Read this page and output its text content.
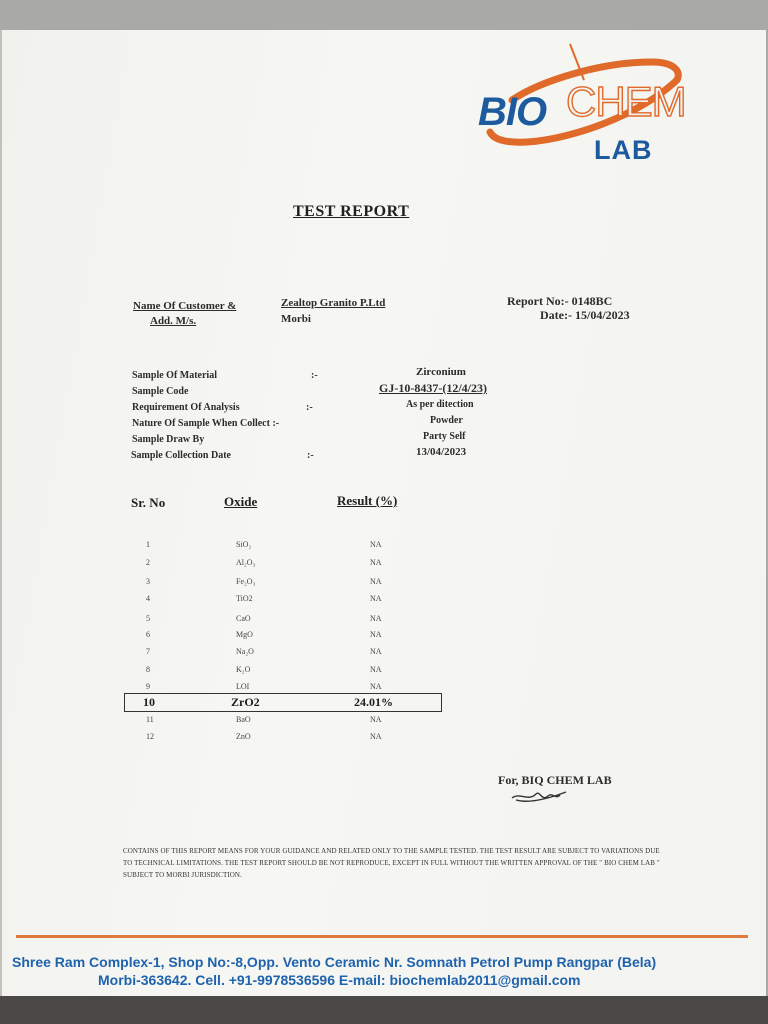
BIO CHEM
LAB
TEST REPORT
Name Of Customer &
Add. M/s.
Zealtop Granito P.Ltd
Morbi
Report No:- 0148BC
Date:- 15/04/2023
Sample Of Material	:-	Zirconium
Sample Code	GJ-10-8437-(12/4/23)
Requirement Of Analysis	:-	As per ditection
Nature Of Sample When Collect :-	Powder
Sample Draw By	Party Self
Sample Collection Date	:-	13/04/2023
Sr. No	Oxide	Result (%)
1	SiO₂	NA
2	Al₂O₃	NA
3	Fe₂O₃	NA
4	TiO2	NA
5	CaO	NA
6	MgO	NA
7	Na₂O	NA
8	K₂O	NA
9	LOI	NA
10	ZrO2	24.01%
11	BaO	NA
12	ZnO	NA
For, BIQ CHEM LAB
CONTAINS OF THIS REPORT MEANS FOR YOUR GUIDANCE AND RELATED ONLY TO THE SAMPLE TESTED. THE TEST RESULT ARE SUBJECT TO VARIATIONS DUE TO TECHNICAL LIMITATIONS. THE TEST REPORT SHOULD BE NOT REPRODUCE, EXCEPT IN FULL WITHOUT THE WRITTEN APPROVAL OF THE " BIO CHEM LAB " SUBJECT TO MORBI JURISDICTION.
Shree Ram Complex-1, Shop No:-8,Opp. Vento Ceramic Nr. Somnath Petrol Pump Rangpar (Bela)
Morbi-363642. Cell. +91-9978536596 E-mail: biochemlab2011@gmail.com
